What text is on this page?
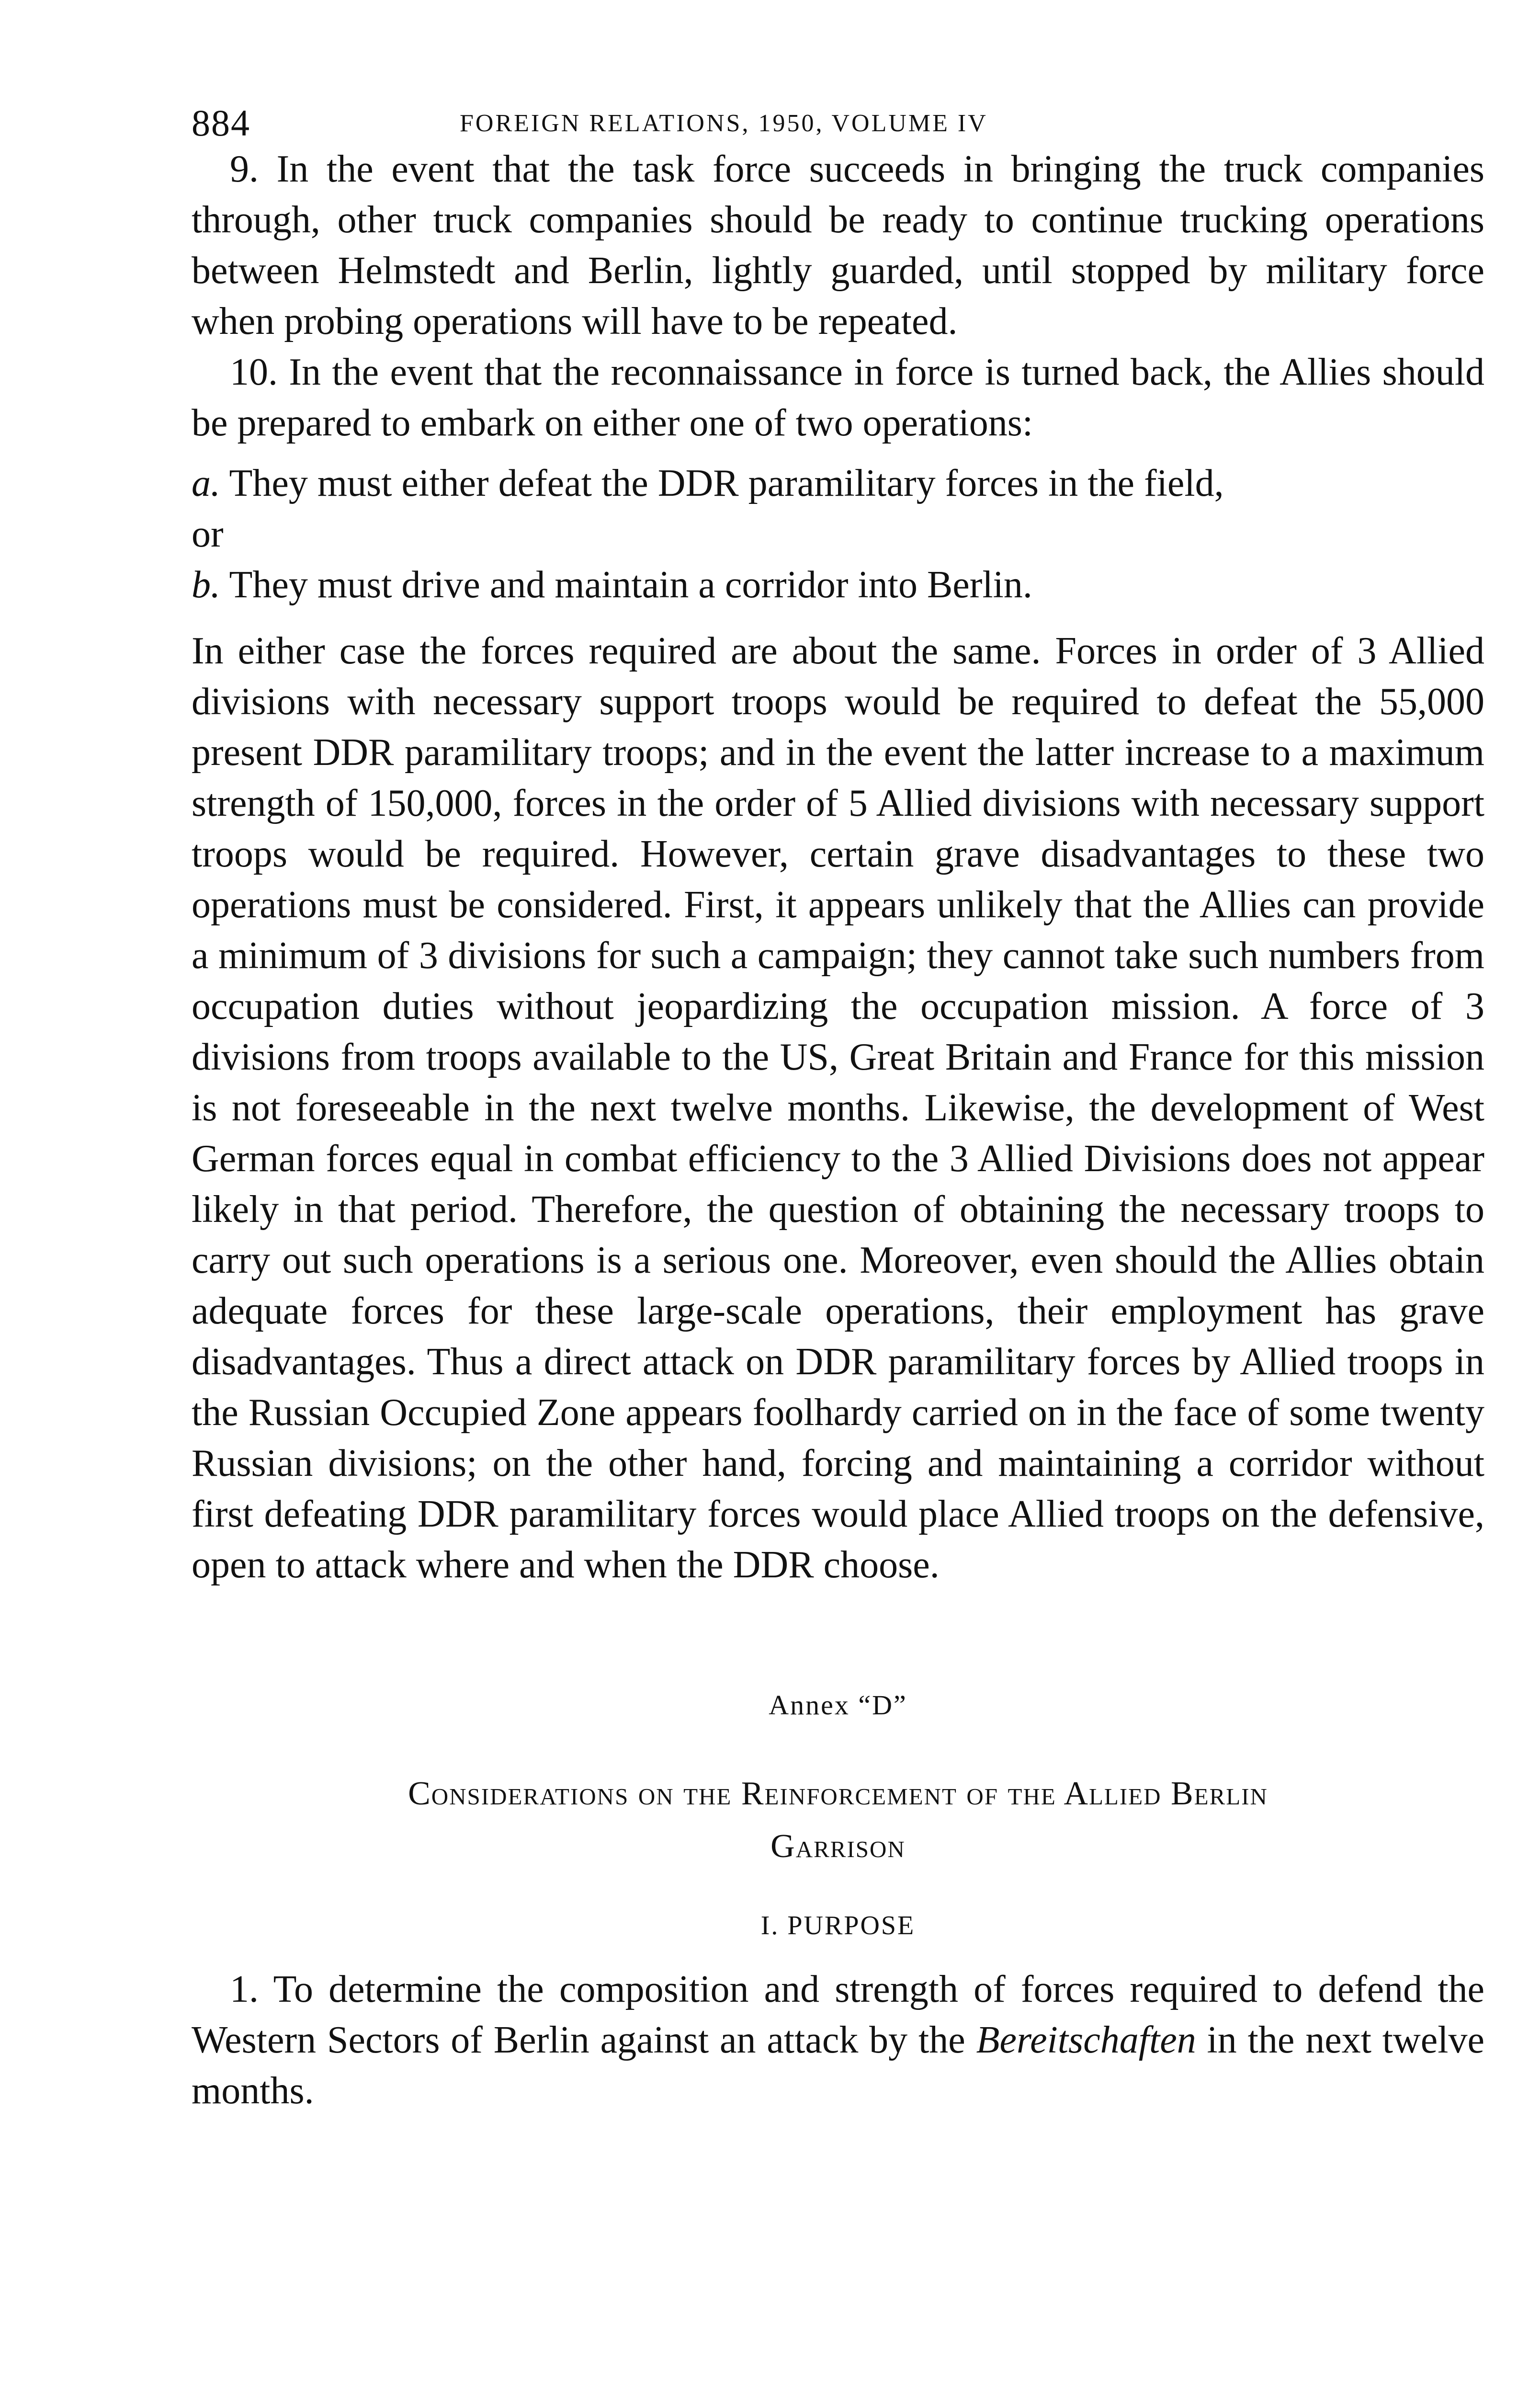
884	FOREIGN RELATIONS, 1950, VOLUME IV

9. In the event that the task force succeeds in bringing the truck companies through, other truck companies should be ready to continue trucking operations between Helmstedt and Berlin, lightly guarded, until stopped by military force when probing operations will have to be repeated.

10. In the event that the reconnaissance in force is turned back, the Allies should be prepared to embark on either one of two operations:

a. They must either defeat the DDR paramilitary forces in the field,

or

b. They must drive and maintain a corridor into Berlin.

In either case the forces required are about the same. Forces in order of 3 Allied divisions with necessary support troops would be required to defeat the 55,000 present DDR paramilitary troops; and in the event the latter increase to a maximum strength of 150,000, forces in the order of 5 Allied divisions with necessary support troops would be required. However, certain grave disadvantages to these two operations must be considered. First, it appears unlikely that the Allies can provide a minimum of 3 divisions for such a campaign; they cannot take such numbers from occupation duties without jeopardizing the occupation mission. A force of 3 divisions from troops available to the US, Great Britain and France for this mission is not foreseeable in the next twelve months. Likewise, the development of West German forces equal in combat efficiency to the 3 Allied Divisions does not appear likely in that period. Therefore, the question of obtaining the necessary troops to carry out such operations is a serious one. Moreover, even should the Allies obtain adequate forces for these large-scale operations, their employment has grave disadvantages. Thus a direct attack on DDR paramilitary forces by Allied troops in the Russian Occupied Zone appears foolhardy carried on in the face of some twenty Russian divisions; on the other hand, forcing and maintaining a corridor without first defeating DDR paramilitary forces would place Allied troops on the defensive, open to attack where and when the DDR choose.

Annex “D”

Considerations on the Reinforcement of the Allied Berlin
Garrison

I. PURPOSE

1. To determine the composition and strength of forces required to defend the Western Sectors of Berlin against an attack by the Bereitschaften in the next twelve months.
